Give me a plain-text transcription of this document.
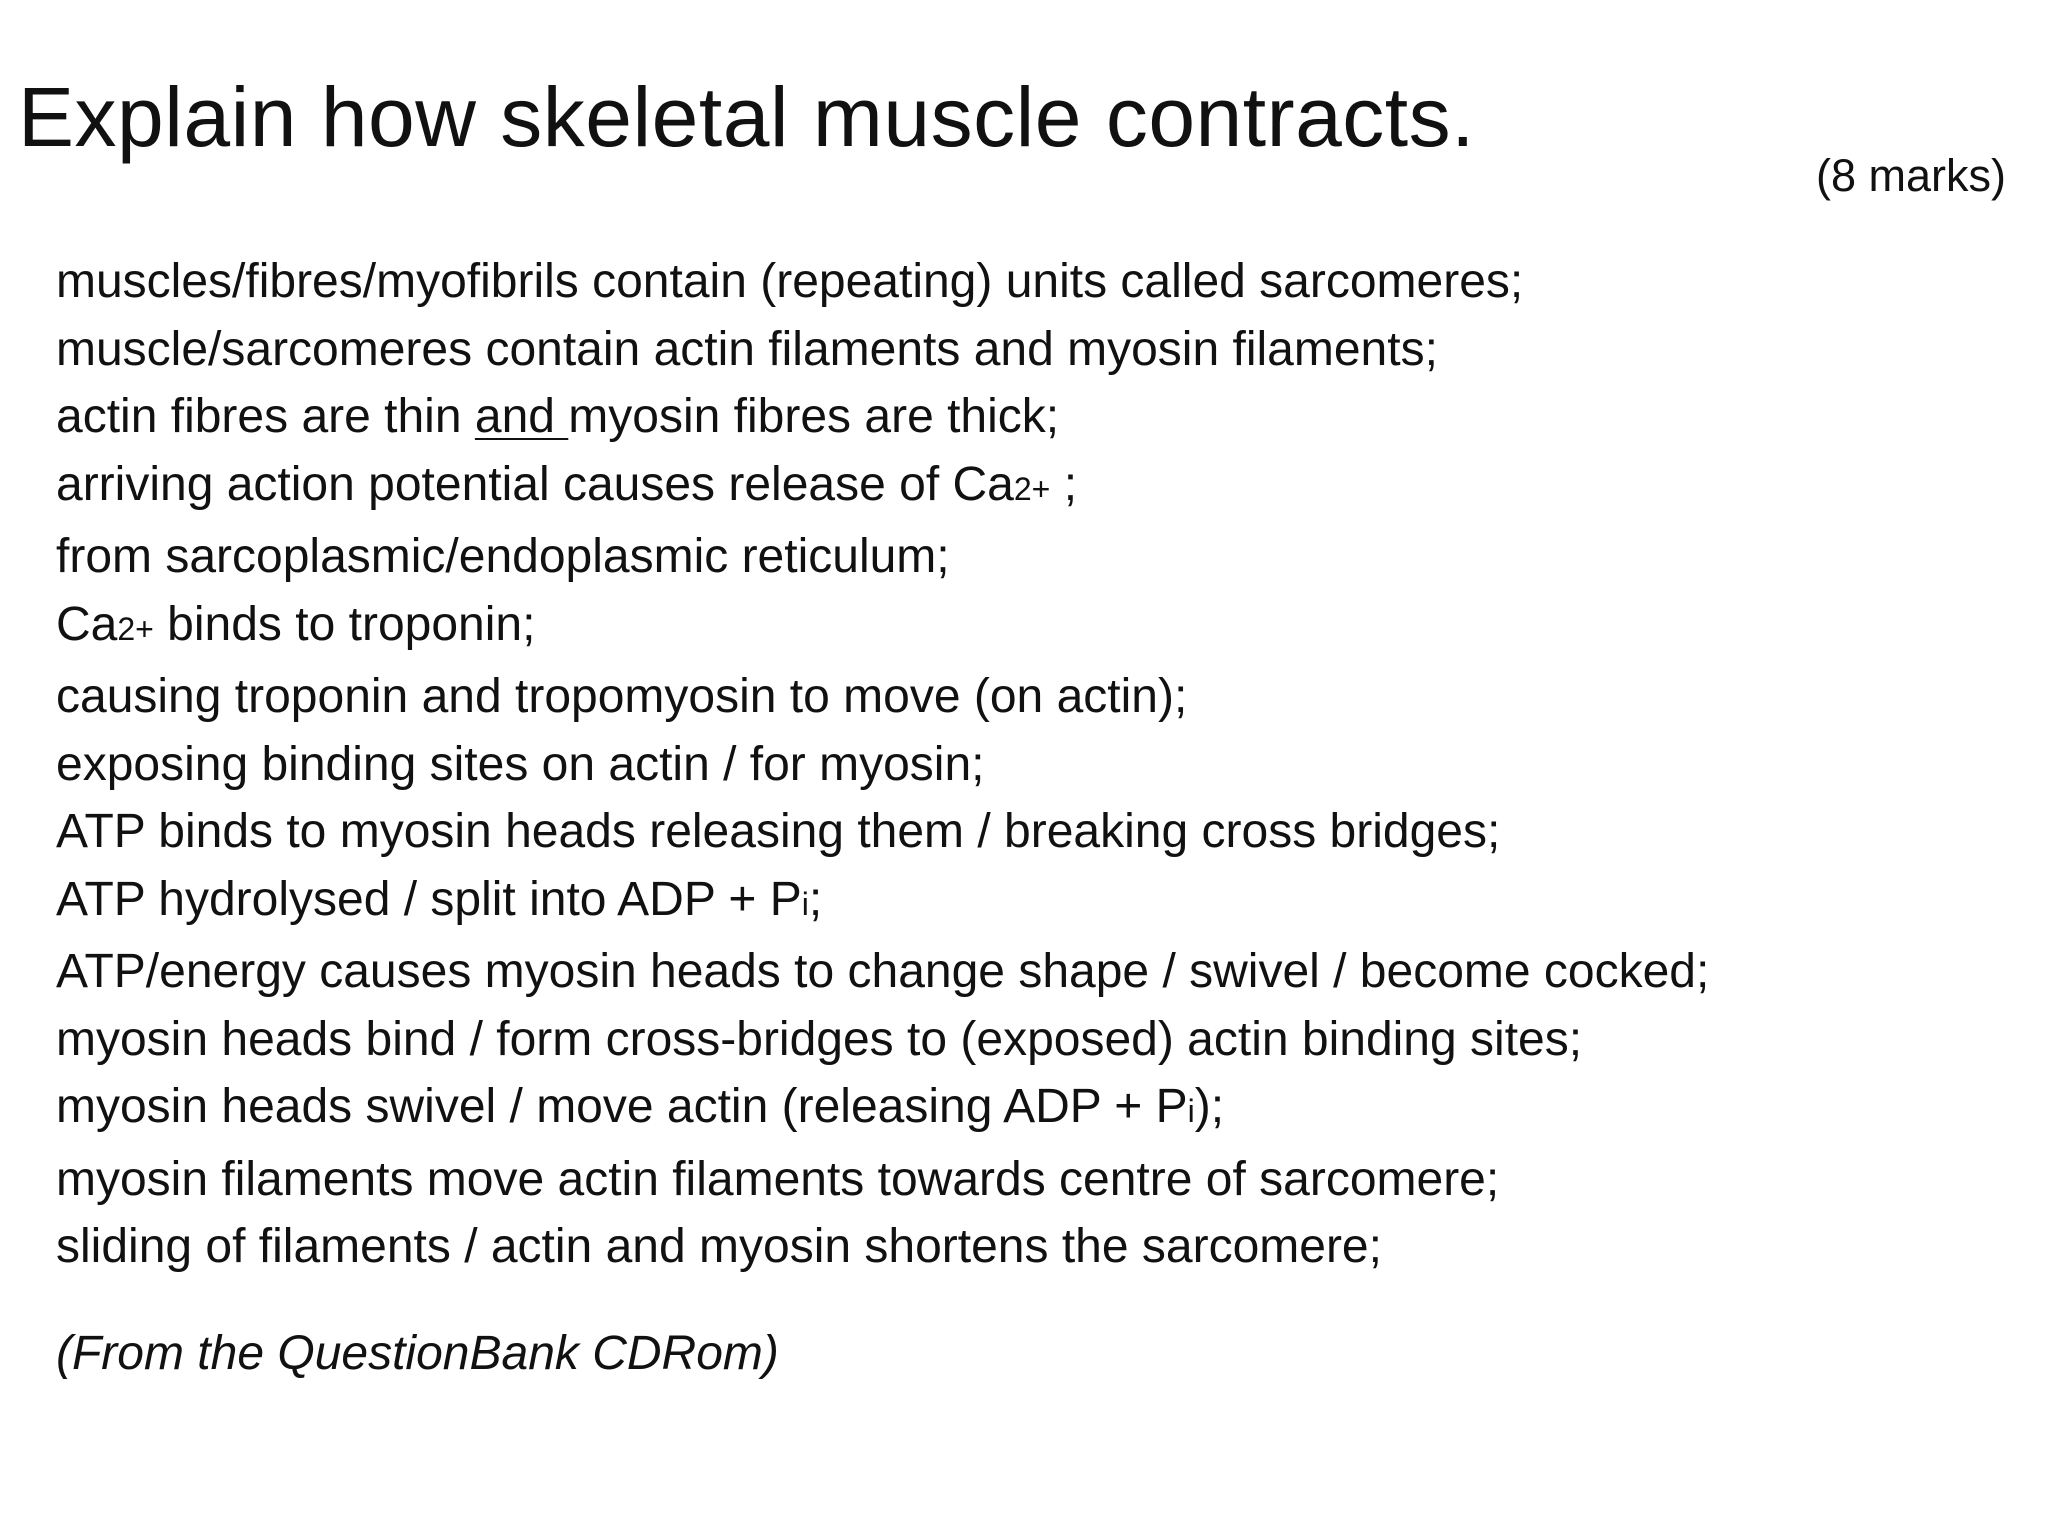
Explain how skeletal muscle contracts.
(8 marks)
muscles/fibres/myofibrils contain (repeating) units called sarcomeres;
muscle/sarcomeres contain actin filaments and myosin filaments;
actin fibres are thin and myosin fibres are thick;
arriving action potential causes release of Ca2+ ;
from sarcoplasmic/endoplasmic reticulum;
Ca2+ binds to troponin;
causing troponin and tropomyosin to move (on actin);
exposing binding sites on actin / for myosin;
ATP binds to myosin heads releasing them / breaking cross bridges;
ATP hydrolysed / split into ADP + Pi;
ATP/energy causes myosin heads to change shape / swivel / become cocked;
myosin heads bind / form cross-bridges to (exposed) actin binding sites;
myosin heads swivel / move actin (releasing ADP + Pi);
myosin filaments move actin filaments towards centre of sarcomere;
sliding of filaments / actin and myosin shortens the sarcomere;
(From the QuestionBank CDRom)
